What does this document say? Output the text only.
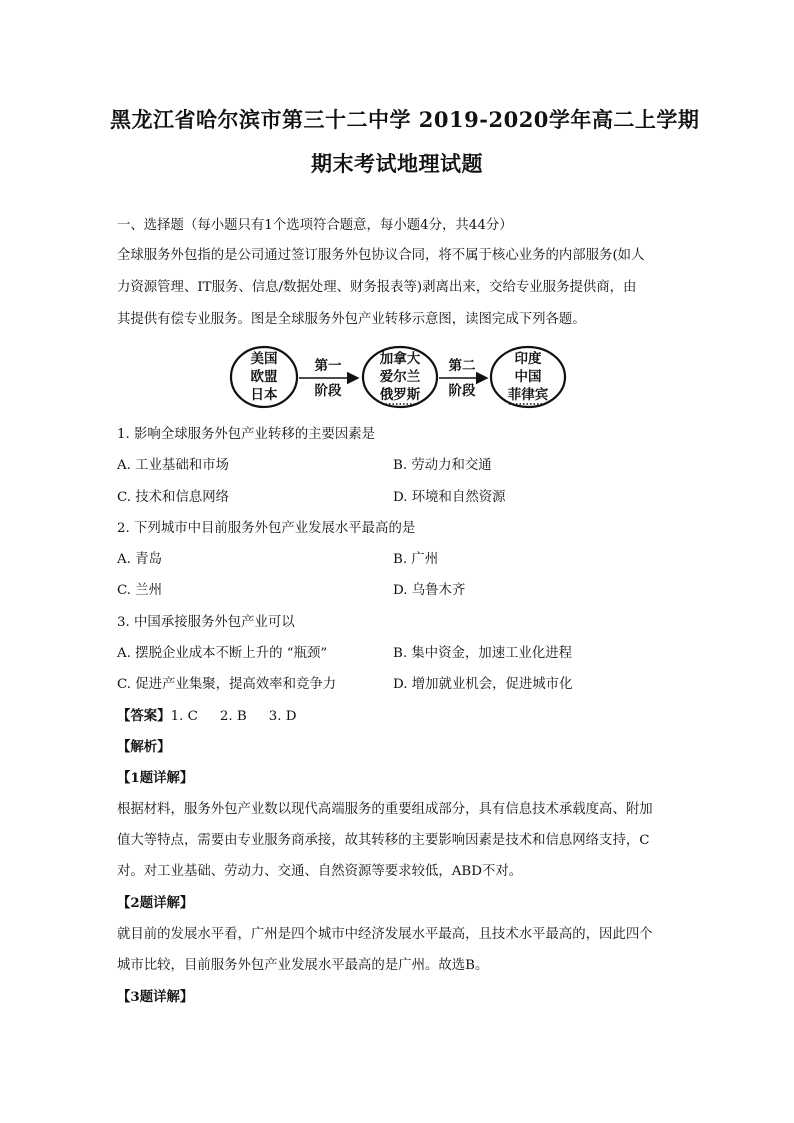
黑龙江省哈尔滨市第三十二中学 2019-2020学年高二上学期
期末考试地理试题
一、选择题（每小题只有1个选项符合题意，每小题4分，共44分）
全球服务外包指的是公司通过签订服务外包协议合同，将不属于核心业务的内部服务(如人
力资源管理、IT服务、信息/数据处理、财务报表等)剥离出来，交给专业服务提供商，由
其提供有偿专业服务。图是全球服务外包产业转移示意图，读图完成下列各题。
美国
欧盟
日本
第一
阶段
加拿大
爱尔兰
俄罗斯
第二
阶段
印度
中国
菲律宾
1. 影响全球服务外包产业转移的主要因素是
A. 工业基础和市场	B. 劳动力和交通
C. 技术和信息网络	D. 环境和自然资源
2. 下列城市中目前服务外包产业发展水平最高的是
A. 青岛	B. 广州
C. 兰州	D. 乌鲁木齐
3. 中国承接服务外包产业可以
A. 摆脱企业成本不断上升的 “瓶颈”	B. 集中资金，加速工业化进程
C. 促进产业集聚，提高效率和竞争力	D. 增加就业机会，促进城市化
【答案】1. C 2. B 3. D
【解析】
【1题详解】
根据材料，服务外包产业数以现代高端服务的重要组成部分，具有信息技术承载度高、附加
值大等特点，需要由专业服务商承接，故其转移的主要影响因素是技术和信息网络支持，C
对。对工业基础、劳动力、交通、自然资源等要求较低，ABD不对。
【2题详解】
就目前的发展水平看，广州是四个城市中经济发展水平最高，且技术水平最高的，因此四个
城市比较，目前服务外包产业发展水平最高的是广州。故选B。
【3题详解】
